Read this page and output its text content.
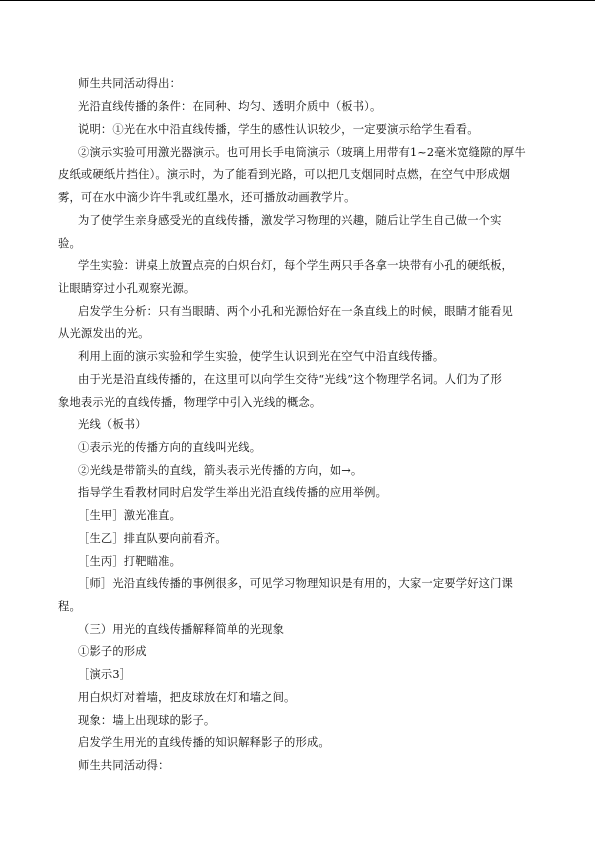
师生共同活动得出：
光沿直线传播的条件：在同种、均匀、透明介质中（板书）。
说明：①光在水中沿直线传播，学生的感性认识较少，一定要演示给学生看看。
②演示实验可用激光器演示。也可用长手电筒演示（玻璃上用带有1~2毫米宽缝隙的厚牛
皮纸或硬纸片挡住）。演示时，为了能看到光路，可以把几支烟同时点燃，在空气中形成烟
雾，可在水中滴少许牛乳或红墨水，还可播放动画教学片。
为了使学生亲身感受光的直线传播，激发学习物理的兴趣，随后让学生自己做一个实
验。
学生实验：讲桌上放置点亮的白炽台灯，每个学生两只手各拿一块带有小孔的硬纸板，
让眼睛穿过小孔观察光源。
启发学生分析：只有当眼睛、两个小孔和光源恰好在一条直线上的时候，眼睛才能看见
从光源发出的光。
利用上面的演示实验和学生实验，使学生认识到光在空气中沿直线传播。
由于光是沿直线传播的，在这里可以向学生交待“光线”这个物理学名词。人们为了形
象地表示光的直线传播，物理学中引入光线的概念。
光线（板书）
①表示光的传播方向的直线叫光线。
②光线是带箭头的直线，箭头表示光传播的方向，如→。
指导学生看教材同时启发学生举出光沿直线传播的应用举例。
［生甲］激光准直。
［生乙］排直队要向前看齐。
［生丙］打靶瞄准。
［师］光沿直线传播的事例很多，可见学习物理知识是有用的，大家一定要学好这门课
程。
（三）用光的直线传播解释简单的光现象
①影子的形成
［演示3］
用白炽灯对着墙，把皮球放在灯和墙之间。
现象：墙上出现球的影子。
启发学生用光的直线传播的知识解释影子的形成。
师生共同活动得：
